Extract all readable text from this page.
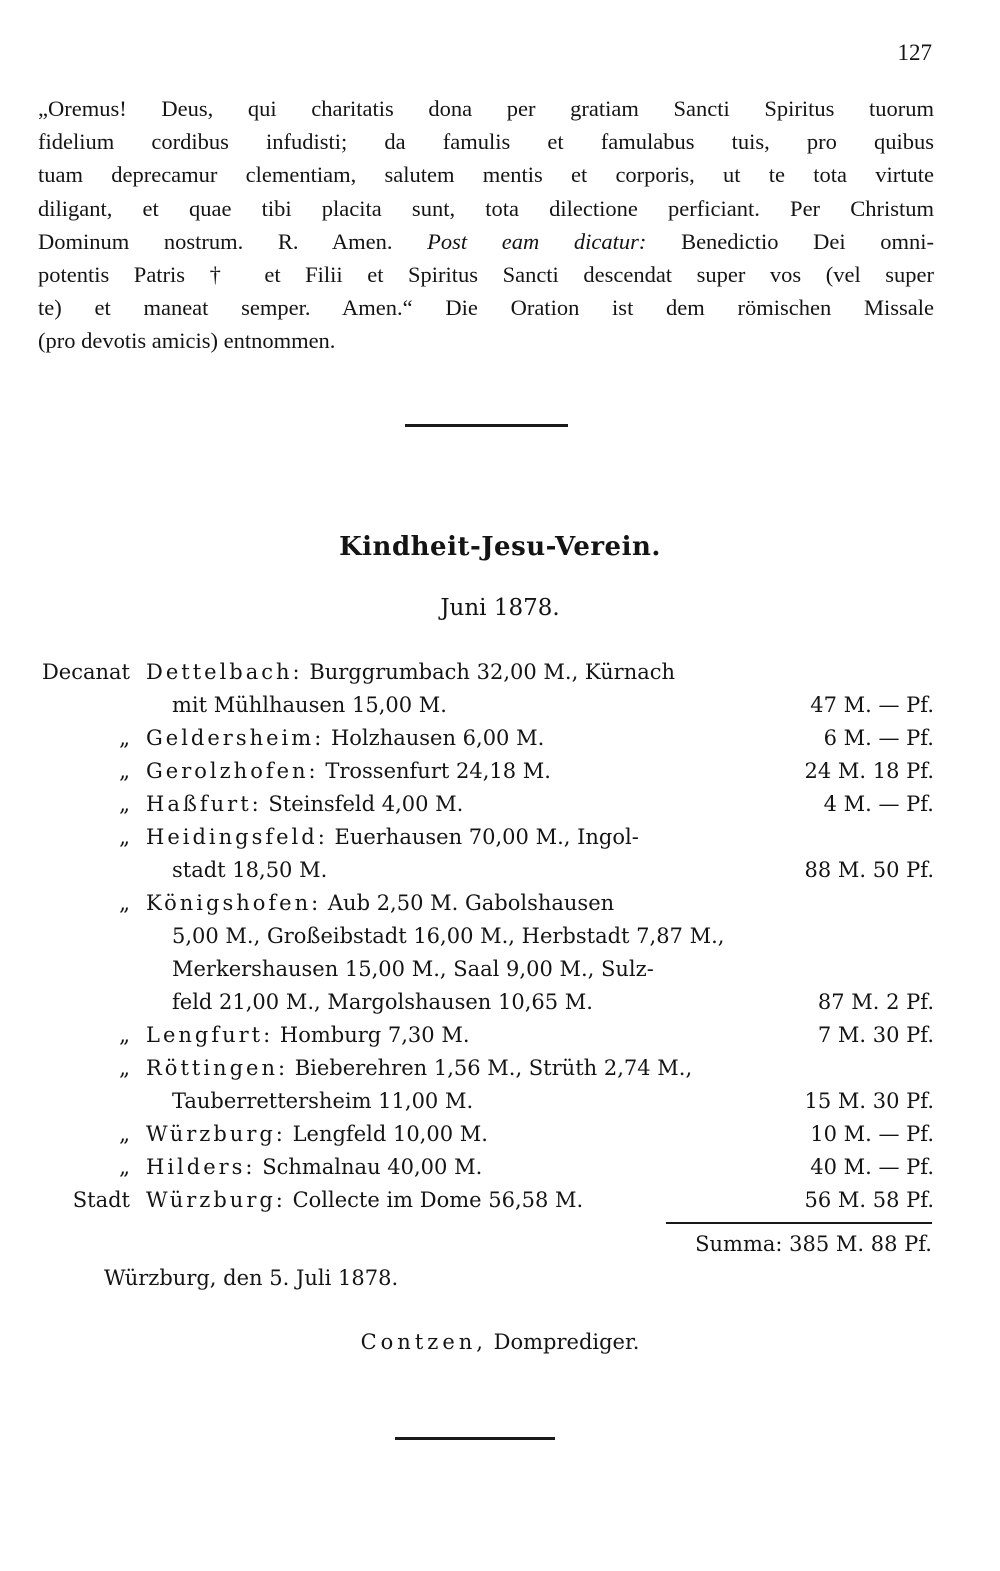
127

„Oremus! Deus, qui charitatis dona per gratiam Sancti Spiritus tuorum
fidelium cordibus infudisti; da famulis et famulabus tuis, pro quibus
tuam deprecamur clementiam, salutem mentis et corporis, ut te tota virtute
diligant, et quae tibi placita sunt, tota dilectione perficiant. Per Christum
Dominum nostrum. R. Amen. Post eam dicatur: Benedictio Dei omni-
potentis Patris † et Filii et Spiritus Sancti descendat super vos (vel super
te) et maneat semper. Amen.“ Die Oration ist dem römischen Missale
(pro devotis amicis) entnommen.

Kindheit-Jesu-Verein.
Juni 1878.
Decanat Dettelbach: Burggrumbach 32,00 M., Kürnach
mit Mühlhausen 15,00 M.	47 M. — Pf.
„ Geldersheim: Holzhausen 6,00 M.	6 M. — Pf.
„ Gerolzhofen: Trossenfurt 24,18 M.	24 M. 18 Pf.
„ Haßfurt: Steinsfeld 4,00 M.	4 M. — Pf.
„ Heidingsfeld: Euerhausen 70,00 M., Ingol-
stadt 18,50 M.	88 M. 50 Pf.
„ Königshofen: Aub 2,50 M. Gabolshausen
5,00 M., Großeibstadt 16,00 M., Herbstadt 7,87 M.,
Merkershausen 15,00 M., Saal 9,00 M., Sulz-
feld 21,00 M., Margolshausen 10,65 M.	87 M. 2 Pf.
„ Lengfurt: Homburg 7,30 M.	7 M. 30 Pf.
„ Röttingen: Bieberehren 1,56 M., Strüth 2,74 M.,
Tauberrettersheim 11,00 M.	15 M. 30 Pf.
„ Würzburg: Lengfeld 10,00 M.	10 M. — Pf.
„ Hilders: Schmalnau 40,00 M.	40 M. — Pf.
Stadt Würzburg: Collecte im Dome 56,58 M.	56 M. 58 Pf.
Summa: 385 M. 88 Pf.
Würzburg, den 5. Juli 1878.
Contzen, Domprediger.
